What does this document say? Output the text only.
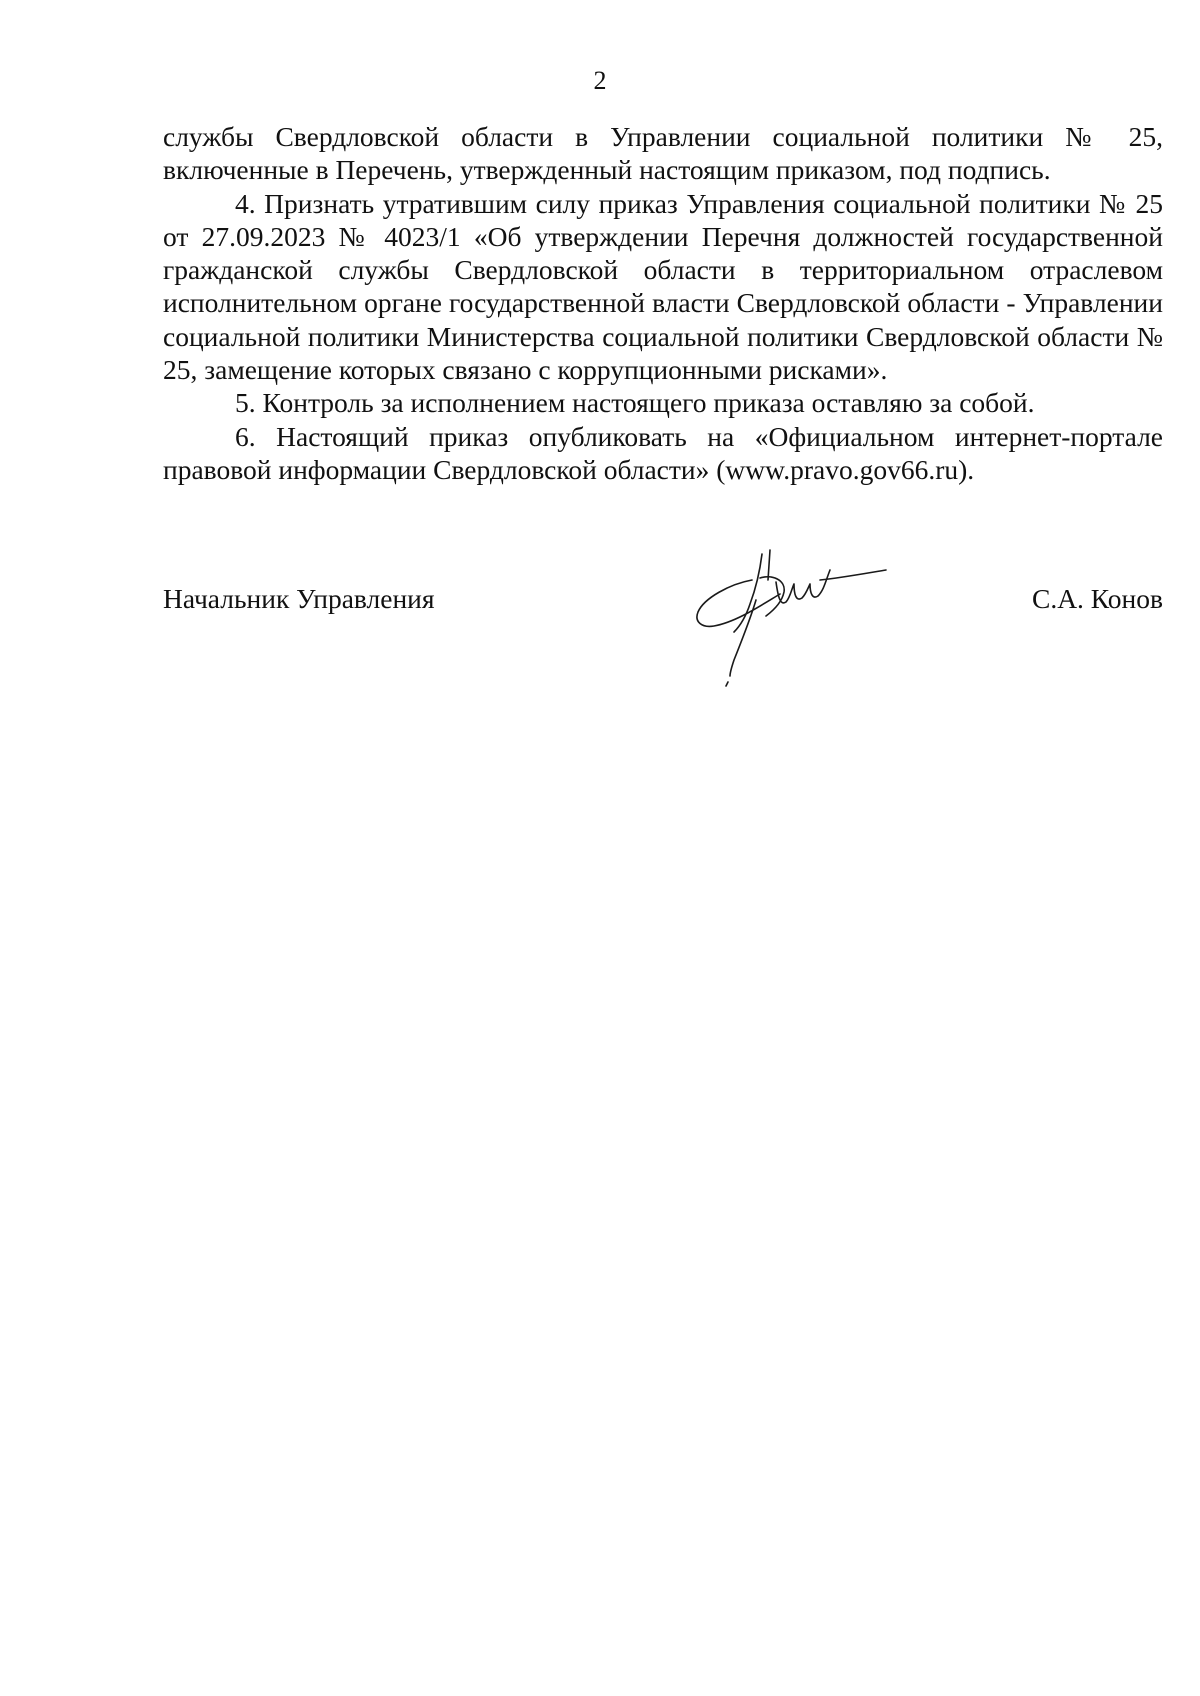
2

службы Свердловской области в Управлении социальной политики № 25, включенные в Перечень, утвержденный настоящим приказом, под подпись.

4. Признать утратившим силу приказ Управления социальной политики № 25 от 27.09.2023 № 4023/1 «Об утверждении Перечня должностей государственной гражданской службы Свердловской области в территориальном отраслевом исполнительном органе государственной власти Свердловской области - Управлении социальной политики Министерства социальной политики Свердловской области № 25, замещение которых связано с коррупционными рисками».

5. Контроль за исполнением настоящего приказа оставляю за собой.

6. Настоящий приказ опубликовать на «Официальном интернет-портале правовой информации Свердловской области» (www.pravo.gov66.ru).

Начальник Управления	С.А. Конов
